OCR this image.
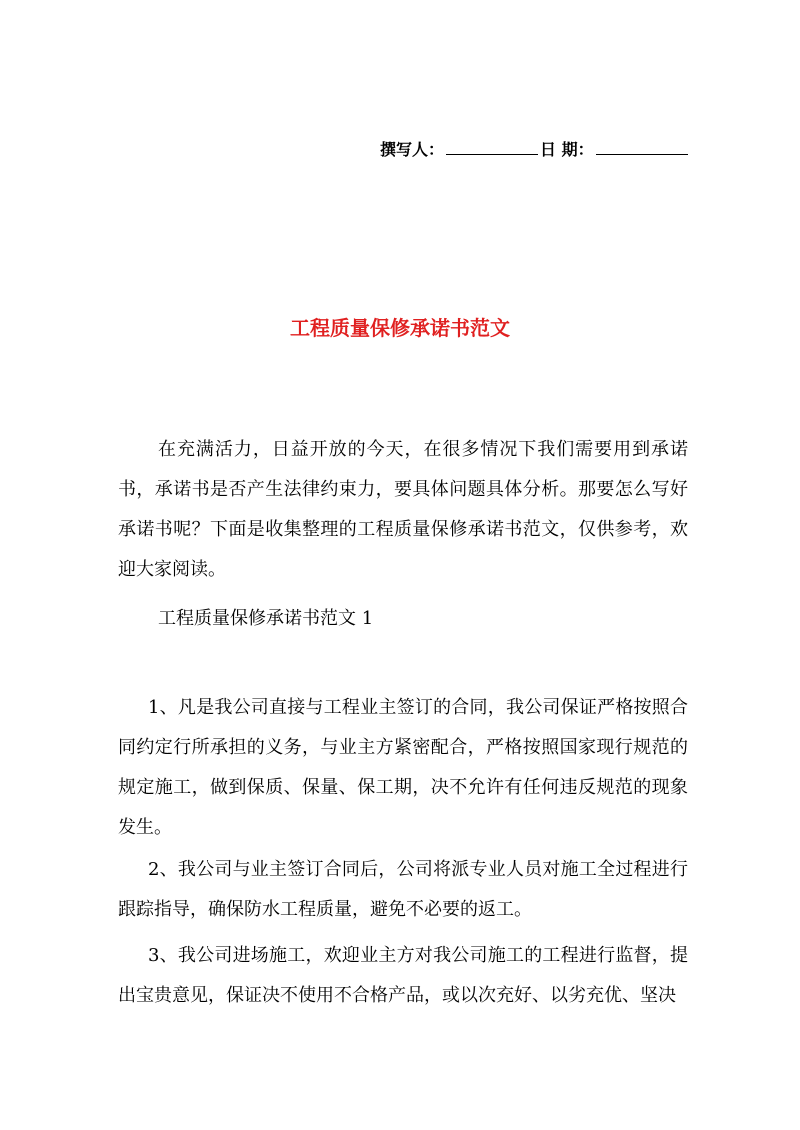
撰写人：	日 期：
工程质量保修承诺书范文
在充满活力，日益开放的今天，在很多情况下我们需要用到承诺书，承诺书是否产生法律约束力，要具体问题具体分析。那要怎么写好承诺书呢？下面是收集整理的工程质量保修承诺书范文，仅供参考，欢迎大家阅读。
工程质量保修承诺书范文 1
1、凡是我公司直接与工程业主签订的合同，我公司保证严格按照合同约定行所承担的义务，与业主方紧密配合，严格按照国家现行规范的规定施工，做到保质、保量、保工期，决不允许有任何违反规范的现象发生。
2、我公司与业主签订合同后，公司将派专业人员对施工全过程进行跟踪指导，确保防水工程质量，避免不必要的返工。
3、我公司进场施工，欢迎业主方对我公司施工的工程进行监督，提出宝贵意见，保证决不使用不合格产品，或以次充好、以劣充优、坚决
